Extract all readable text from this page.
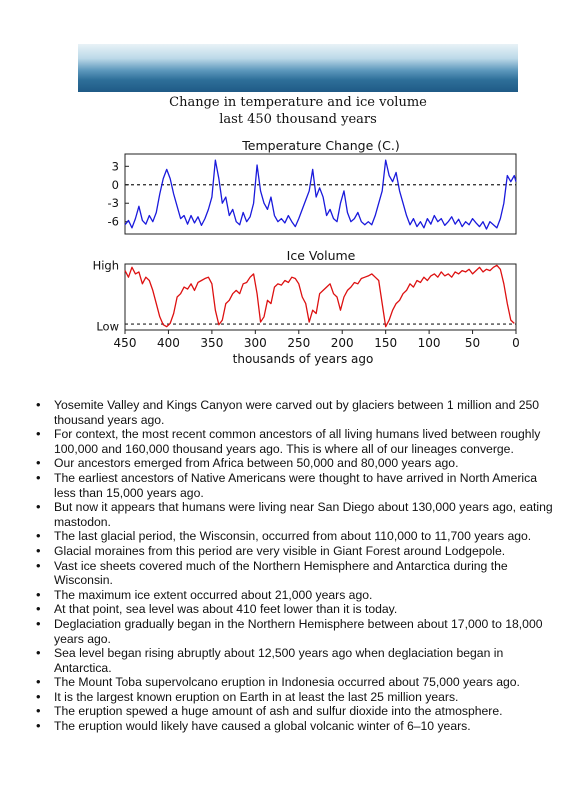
Change in temperature and ice volume
last 450 thousand years
Temperature Change (C.)
3
0
-3
-6
Ice Volume
High
Low
450 400 350 300 250 200 150 100 50	0
thousands of years ago
• Yosemite Valley and Kings Canyon were carved out by glaciers between 1 million and 250 thousand years ago.
• For context, the most recent common ancestors of all living humans lived between roughly 100,000 and 160,000 thousand years ago. This is where all of our lineages converge.
• Our ancestors emerged from Africa between 50,000 and 80,000 years ago.
• The earliest ancestors of Native Americans were thought to have arrived in North America less than 15,000 years ago.
• But now it appears that humans were living near San Diego about 130,000 years ago, eating mastodon.
• The last glacial period, the Wisconsin, occurred from about 110,000 to 11,700 years ago.
• Glacial moraines from this period are very visible in Giant Forest around Lodgepole.
• Vast ice sheets covered much of the Northern Hemisphere and Antarctica during the Wisconsin.
• The maximum ice extent occurred about 21,000 years ago.
• At that point, sea level was about 410 feet lower than it is today.
• Deglaciation gradually began in the Northern Hemisphere between about 17,000 to 18,000 years ago.
• Sea level began rising abruptly about 12,500 years ago when deglaciation began in Antarctica.
• The Mount Toba supervolcano eruption in Indonesia occurred about 75,000 years ago.
• It is the largest known eruption on Earth in at least the last 25 million years.
• The eruption spewed a huge amount of ash and sulfur dioxide into the atmosphere.
• The eruption would likely have caused a global volcanic winter of 6–10 years.
